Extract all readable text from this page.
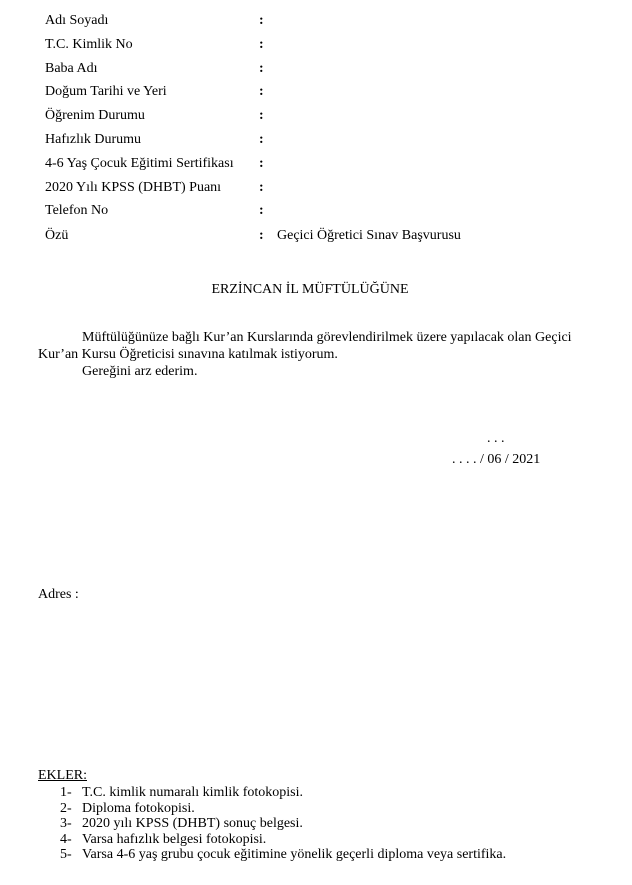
Adı Soyadı	:
T.C. Kimlik No	:
Baba Adı	:
Doğum Tarihi ve Yeri	:
Öğrenim Durumu	:
Hafızlık Durumu	:
4-6 Yaş Çocuk Eğitimi Sertifikası :
2020 Yılı KPSS (DHBT) Puanı	:
Telefon No	:
Özü	: Geçici Öğretici Sınav Başvurusu
ERZİNCAN İL MÜFTÜLÜĞÜNE

Müftülüğünüze bağlı Kur’an Kurslarında görevlendirilmek üzere yapılacak olan Geçici Kur’an Kursu Öğreticisi sınavına katılmak istiyorum.

Gereğini arz ederim.

. . .
. . . . / 06 / 2021
Adres :
EKLER:
1- T.C. kimlik numaralı kimlik fotokopisi.
2- Diploma fotokopisi.
3- 2020 yılı KPSS (DHBT) sonuç belgesi.
4- Varsa hafızlık belgesi fotokopisi.
5- Varsa 4-6 yaş grubu çocuk eğitimine yönelik geçerli diploma veya sertifika.
